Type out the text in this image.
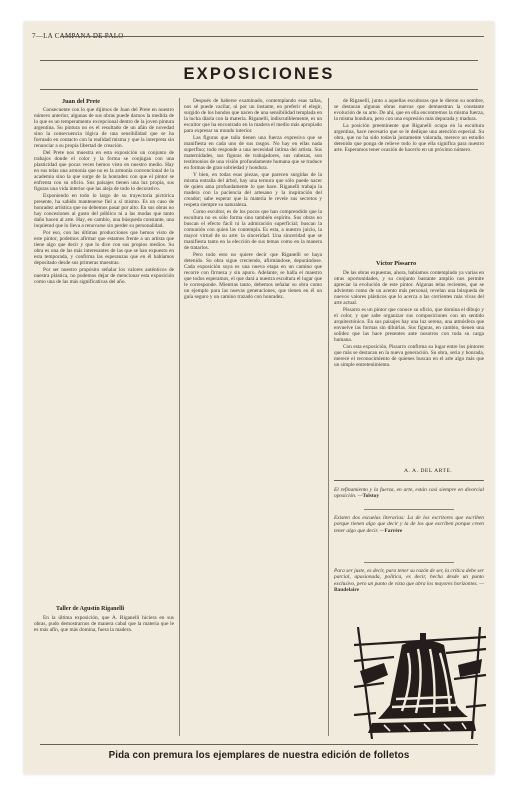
7—LA CAMPANA DE PALO
EXPOSICIONES
Juan del Prete

Consecuente con lo que dijimos de Juan del Prete en nuestro número anterior, algunas de sus obras puede darnos la medida de lo que es un temperamento excepcional dentro de la joven pintura argentina. Su pintura no es el resultado de un afán de novedad sino la consecuencia lógica de una sensibilidad que se ha formado en contacto con la realidad misma y que la interpreta sin renunciar a su propia libertad de creación.

Del Prete nos muestra en esta exposición un conjunto de trabajos donde el color y la forma se conjugan con una plasticidad que pocas veces hemos visto en nuestro medio. Hay en sus telas una armonía que no es la armonía convencional de la academia sino la que surge de la honradez con que el pintor se enfrenta con su oficio. Sus paisajes tienen una luz propia, sus figuras una vida interior que las aleja de todo lo decorativo.

Exponiendo en todo lo largo de su trayectoria pictórica presente, ha sabido mantenerse fiel a sí mismo. Es un caso de honradez artística que no debemos pasar por alto. En sus obras no hay concesiones al gusto del público ni a las modas que tanto daño hacen al arte. Hay, en cambio, una búsqueda constante, una inquietud que lo lleva a renovarse sin perder su personalidad.

Por eso, con las últimas producciones que hemos visto de este pintor, podemos afirmar que estamos frente a un artista que tiene algo que decir y que lo dice con sus propios medios. Su obra es una de las más interesantes de las que se han expuesto en esta temporada, y confirma las esperanzas que en él habíamos depositado desde sus primeras muestras.

Por ser nuestro propósito señalar los valores auténticos de nuestra plástica, no podemos dejar de mencionar esta exposición como una de las más significativas del año.

Taller de Agustín Riganelli

En la última exposición, que A. Riganelli hiciera en sus obras, pudo demostrarnos de manera cabal que la materia que le es más afín, que más domina, fuera la madera.

Después de haberse examinado, contemplando esas tallas, nos sé puede vacilar, ni por un instante, en preferir el elegir, surgido de los hondos que nacen de una sensibilidad templada en la lucha diaria con la materia. Riganelli, indiscutiblemente, es un escultor que ha encontrado en la madera el medio más apropiado para expresar su mundo interior.

Las figuras que talla tienen una fuerza expresiva que se manifiesta en cada uno de sus rasgos. No hay en ellas nada superfluo; todo responde a una necesidad íntima del artista. Sus maternidades, sus figuras de trabajadores, sus cabezas, son testimonios de una visión profundamente humana que se traduce en formas de gran sobriedad y hondura.

Y bien, en todas esas piezas, que parecen surgidas de la misma entraña del árbol, hay una ternura que sólo puede nacer de quien ama profundamente lo que hace. Riganelli trabaja la madera con la paciencia del artesano y la inspiración del creador; sabe esperar que la materia le revele sus secretos y respeta siempre su naturaleza.

Como escultor, es de los pocos que han comprendido que la escultura no es sólo forma sino también espíritu. Sus obras no buscan el efecto fácil ni la admiración superficial; buscan la comunión con quien las contempla. Es esta, a nuestro juicio, la mayor virtud de su arte: la sinceridad. Una sinceridad que se manifiesta tanto en la elección de sus temas como en la manera de tratarlos.

Pero todo esto no quiere decir que Riganelli se haya detenido. Su obra sigue creciendo, afirmándose, depurándose. Cada exposición suya es una nueva etapa en un camino que recorre con firmeza y sin apuro. Adelante, se halla el maestro que todos esperamos, el que dará a nuestra escultura el lugar que le corresponde. Mientras tanto, debemos señalar su obra como un ejemplo para las nuevas generaciones, que tienen en él un guía seguro y un camino trazado con honradez.

de Riganelli, junto a aquellas esculturas que le dieron su nombre, se destacan algunas obras nuevas que demuestran la constante evolución de su arte. De ahí, que en ella encontremos la misma fuerza, la misma hondura, pero con una expresión más depurada y madura.

La posición preeminente que Riganelli ocupa en la escultura argentina, hace necesario que se le dedique una atención especial. Su obra, que no ha sido todavía justamente valorada, merece un estudio detenido que ponga de relieve todo lo que ella significa para nuestro arte. Esperamos tener ocasión de hacerlo en un próximo número.

Víctor Pissarro

De las obras expuestas, ahora, habíamos contemplado ya varias en otras oportunidades, y su conjunto bastante amplio nos permite apreciar la evolución de este pintor. Algunas telas recientes, que se advierten como de un acento más personal, revelan una búsqueda de nuevos valores plásticos que lo acerca a las corrientes más vivas del arte actual.

Pissarro es un pintor que conoce su oficio, que domina el dibujo y el color, y que sabe organizar sus composiciones con un sentido arquitectónico. En sus paisajes hay una luz serena, una atmósfera que envuelve las formas sin diluirlas. Sus figuras, en cambio, tienen una solidez que las hace presentes ante nosotros con toda su carga humana.

Con esta exposición, Pissarro confirma su lugar entre los pintores que más se destacan en la nueva generación. Su obra, seria y honrada, merece el reconocimiento de quienes buscan en el arte algo más que un simple entretenimiento.

A. A. DEL ARTE.
El refinamiento y la fuerza, en arte, están casi siempre en divorcial oposición. —Tolstoy
Existen dos escuelas literarias: La de los escritores que escriben porque tienen algo que decir y la de los que escriben porque creen tener algo que decir. —Farrère
Para ser juste, es decir, para tener su razón de ser, la crítica debe ser parcial, apasionada, política, es decir, hecha desde un punto exclusivo, pero un punto de vista que abra los mayores horizontes. —Baudelaire
Pida con premura los ejemplares de nuestra edición de folletos
